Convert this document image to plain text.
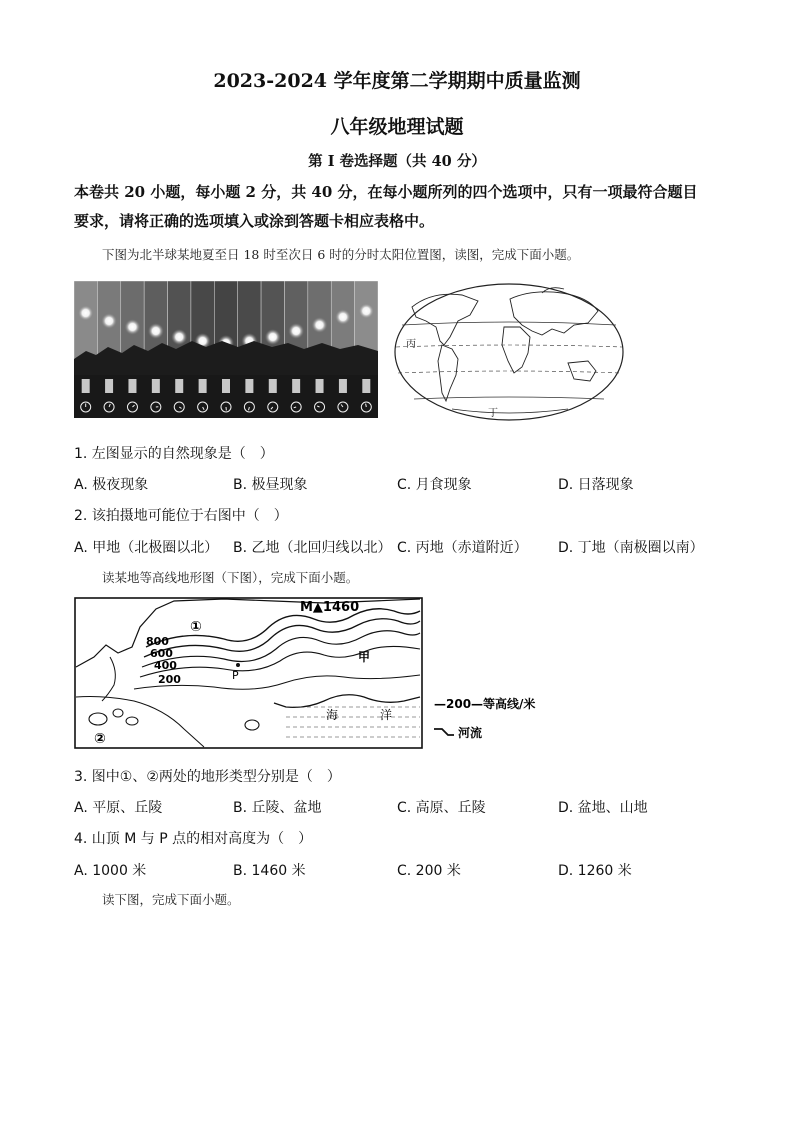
2023-2024 学年度第二学期期中质量监测
八年级地理试题
第 I 卷选择题（共 40 分）
本卷共 20 小题，每小题 2 分，共 40 分，在每小题所列的四个选项中，只有一项最符合题目
要求，请将正确的选项填入或涂到答题卡相应表格中。
下图为北半球某地夏至日 18 时至次日 6 时的分时太阳位置图，读图，完成下面小题。
丙
丁
1. 左图显示的自然现象是（　）
A. 极夜现象	B. 极昼现象	C. 月食现象	D. 日落现象
2. 该拍摄地可能位于右图中（　）
A. 甲地（北极圈以北） B. 乙地（北回归线以北） C. 丙地（赤道附近） D. 丁地（南极圈以南）
读某地等高线地形图（下图），完成下面小题。
①
M▲1460
800
600
400
200	P
甲
海	洋
②
—200—等高线/米
河流
3. 图中①、②两处的地形类型分别是（　）
A. 平原、丘陵	B. 丘陵、盆地	C. 高原、丘陵	D. 盆地、山地
4. 山顶 M 与 P 点的相对高度为（　）
A. 1000 米	B. 1460 米	C. 200 米	D. 1260 米
读下图，完成下面小题。
